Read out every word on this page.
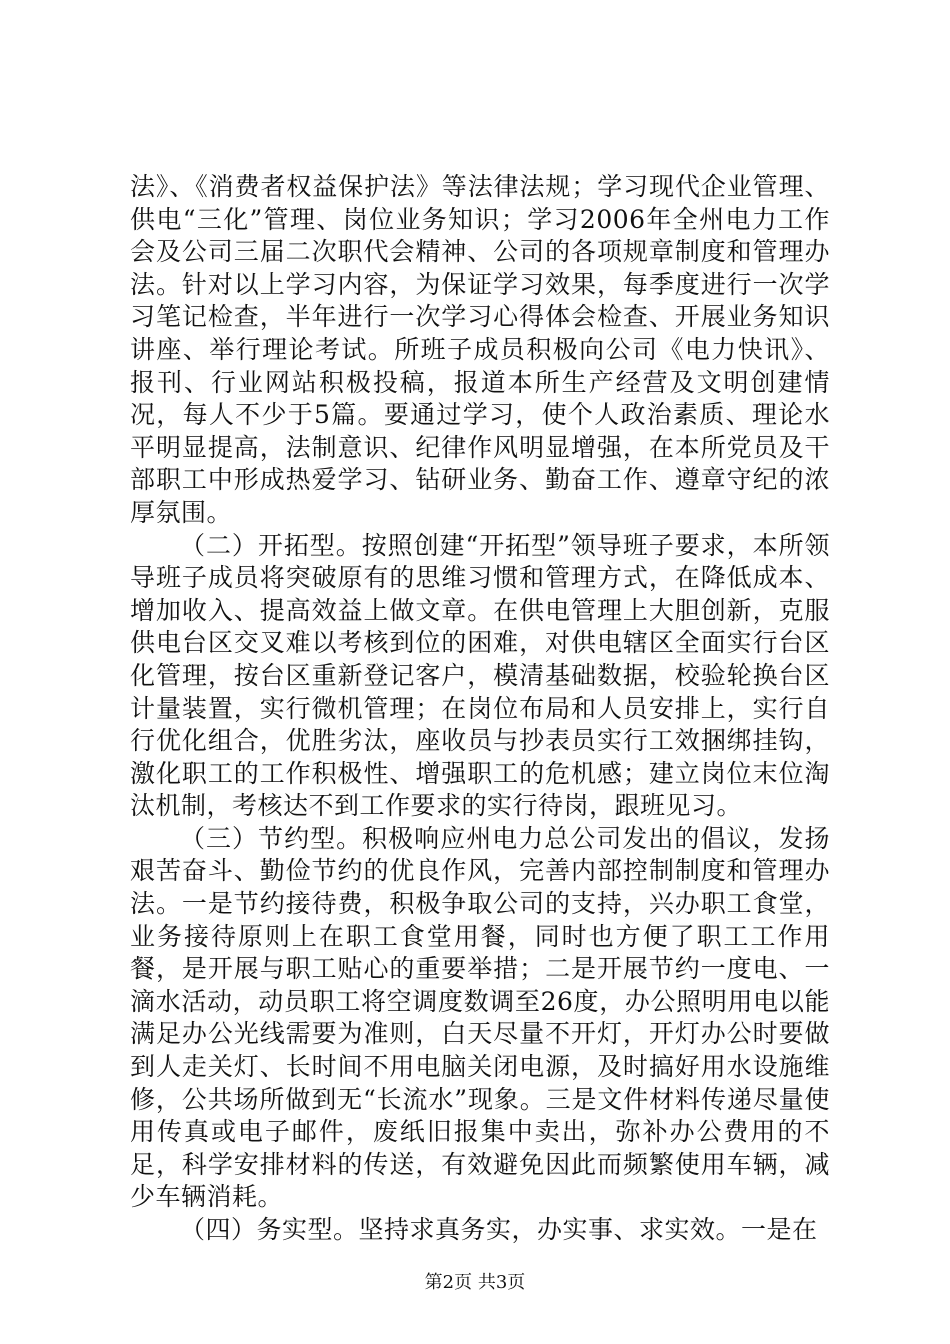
法》、《消费者权益保护法》等法律法规；学习现代企业管理、供电“三化”管理、岗位业务知识；学习2006年全州电力工作会及公司三届二次职代会精神、公司的各项规章制度和管理办法。针对以上学习内容，为保证学习效果，每季度进行一次学习笔记检查，半年进行一次学习心得体会检查、开展业务知识讲座、举行理论考试。所班子成员积极向公司《电力快讯》、报刊、行业网站积极投稿，报道本所生产经营及文明创建情况，每人不少于5篇。要通过学习，使个人政治素质、理论水平明显提高，法制意识、纪律作风明显增强，在本所党员及干部职工中形成热爱学习、钻研业务、勤奋工作、遵章守纪的浓厚氛围。

（二）开拓型。按照创建“开拓型”领导班子要求，本所领导班子成员将突破原有的思维习惯和管理方式，在降低成本、增加收入、提高效益上做文章。在供电管理上大胆创新，克服供电台区交叉难以考核到位的困难，对供电辖区全面实行台区化管理，按台区重新登记客户，模清基础数据，校验轮换台区计量装置，实行微机管理；在岗位布局和人员安排上，实行自行优化组合，优胜劣汰，座收员与抄表员实行工效捆绑挂钩，激化职工的工作积极性、增强职工的危机感；建立岗位末位淘汰机制，考核达不到工作要求的实行待岗，跟班见习。

（三）节约型。积极响应州电力总公司发出的倡议，发扬艰苦奋斗、勤俭节约的优良作风，完善内部控制制度和管理办法。一是节约接待费，积极争取公司的支持，兴办职工食堂，业务接待原则上在职工食堂用餐，同时也方便了职工工作用餐，是开展与职工贴心的重要举措；二是开展节约一度电、一滴水活动，动员职工将空调度数调至26度，办公照明用电以能满足办公光线需要为准则，白天尽量不开灯，开灯办公时要做到人走关灯、长时间不用电脑关闭电源，及时搞好用水设施维修，公共场所做到无“长流水”现象。三是文件材料传递尽量使用传真或电子邮件，废纸旧报集中卖出，弥补办公费用的不足，科学安排材料的传送，有效避免因此而频繁使用车辆，减少车辆消耗。

（四）务实型。坚持求真务实，办实事、求实效。一是在

第2页 共3页
